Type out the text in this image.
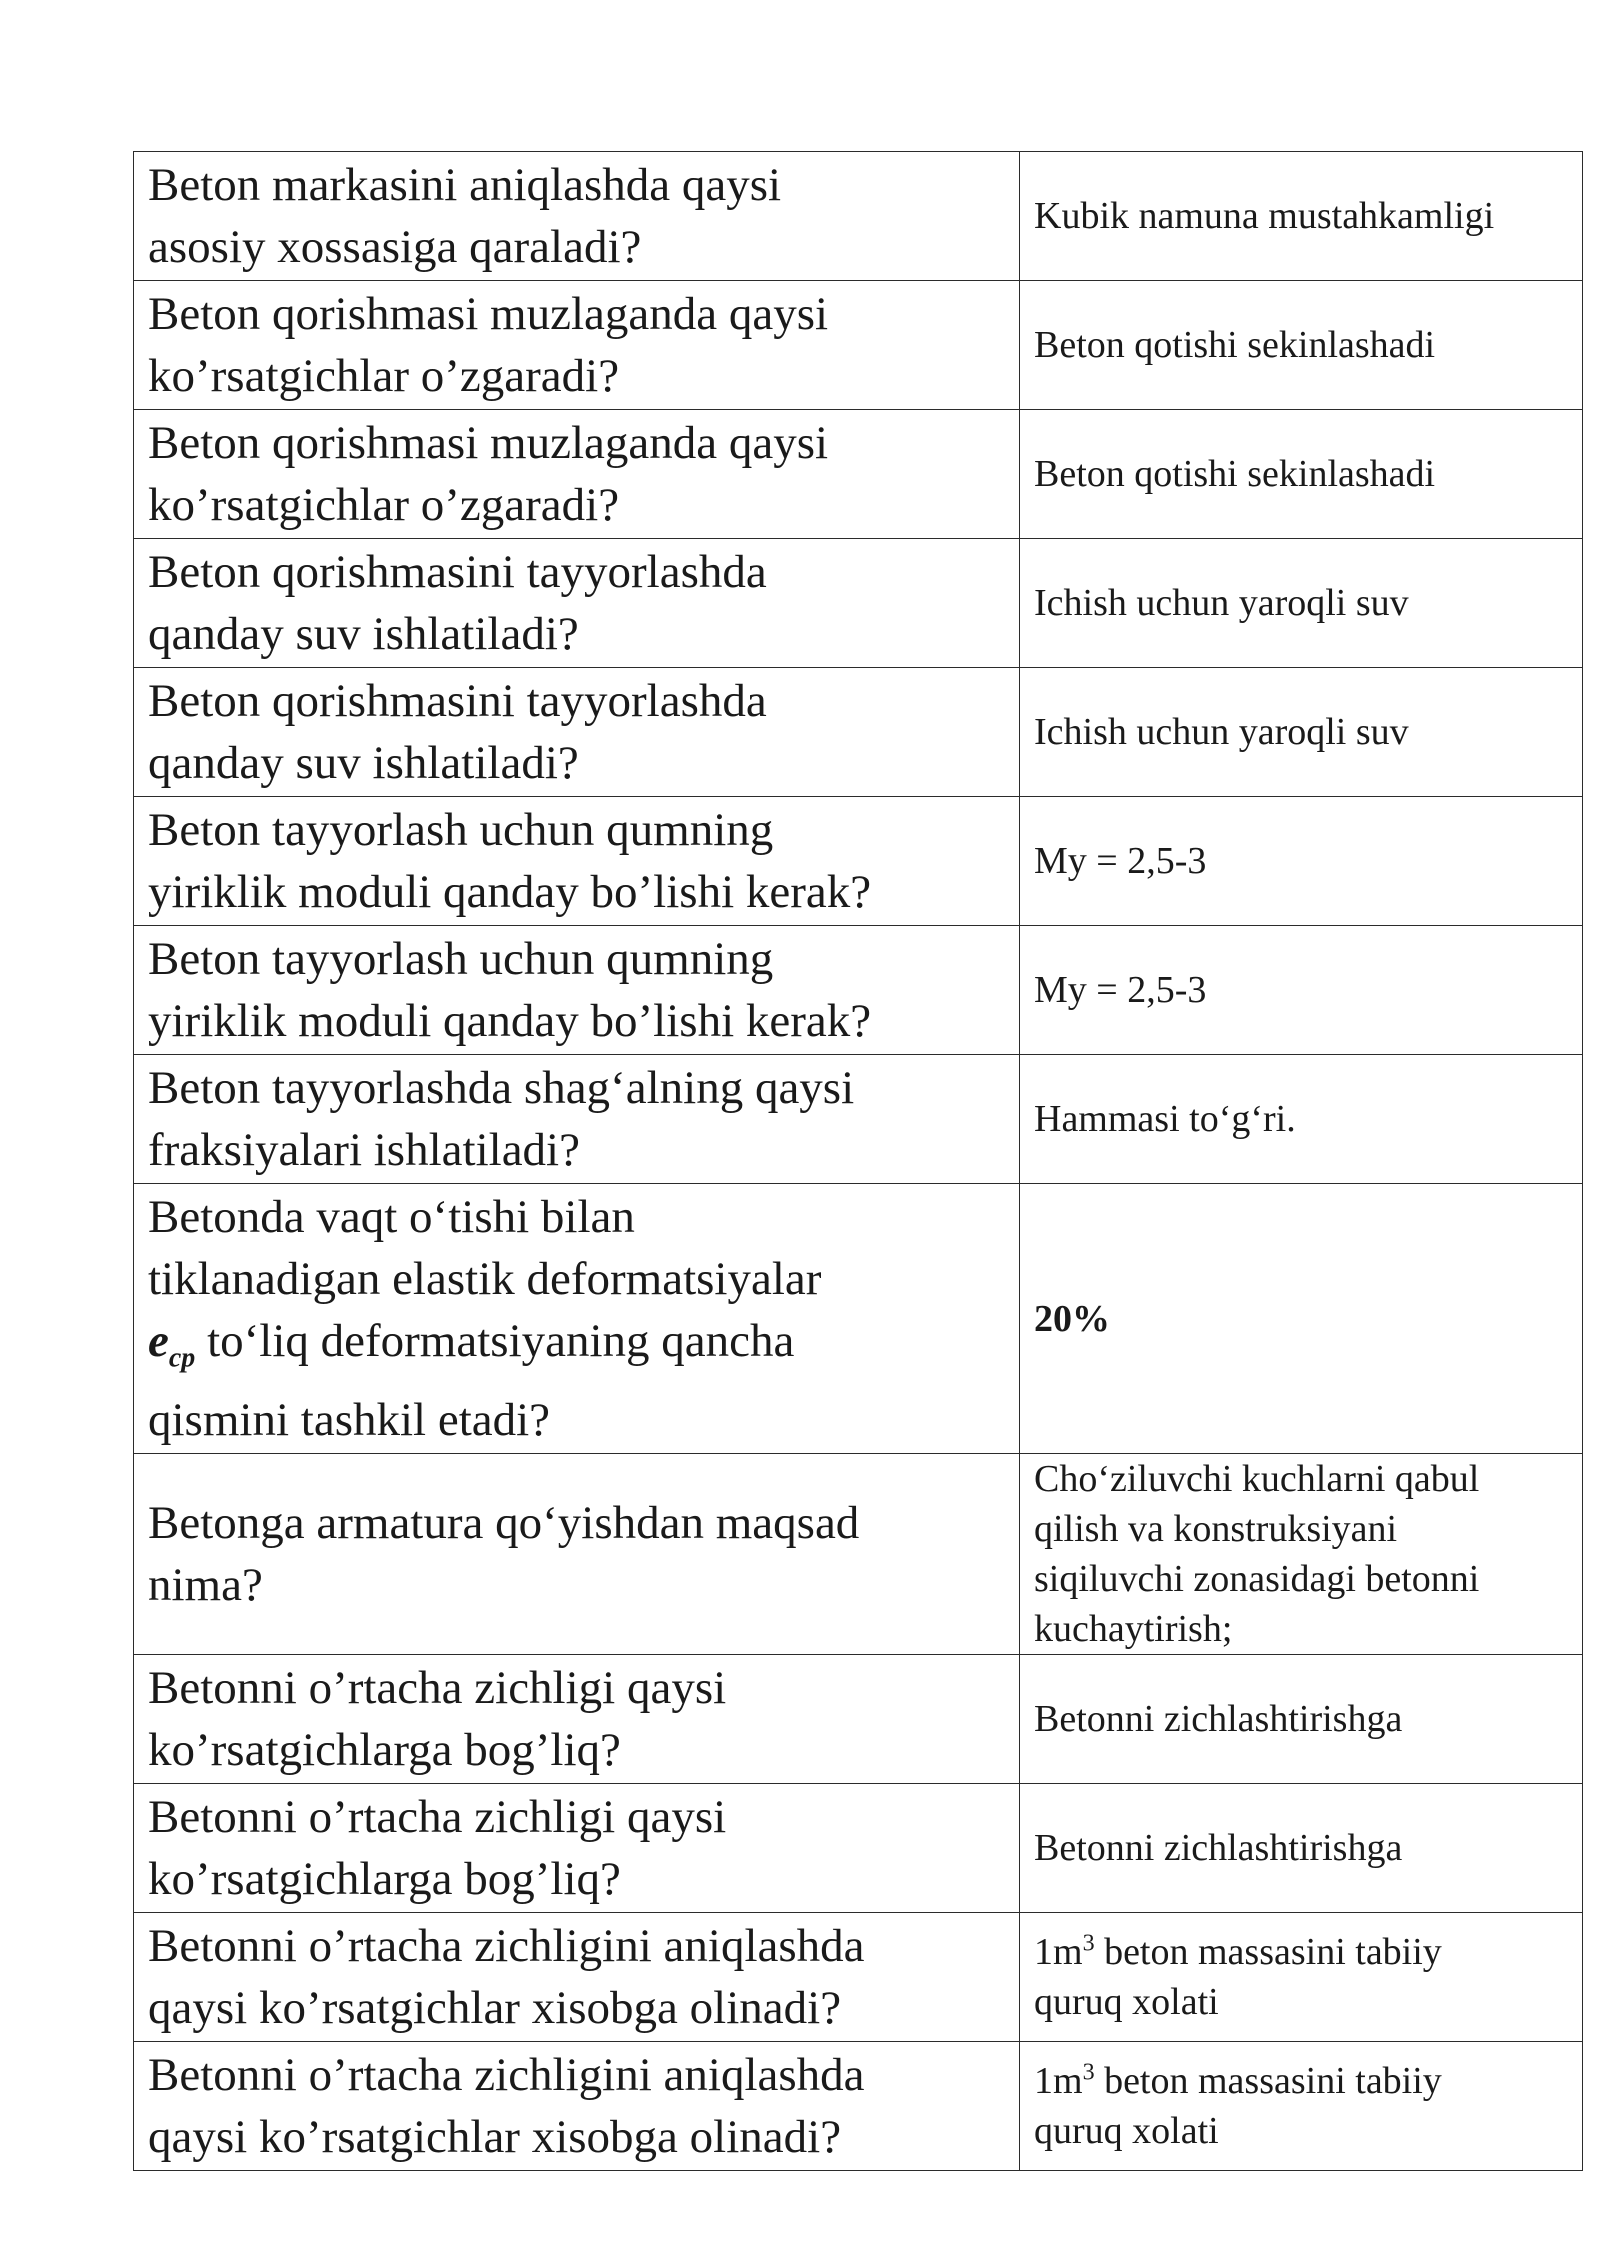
Beton markasini aniqlashda qaysi
asosiy xossasiga qaraladi?	Kubik namuna mustahkamligi
Beton qorishmasi muzlaganda qaysi
ko’rsatgichlar o’zgaradi?	Beton qotishi sekinlashadi
Beton qorishmasi muzlaganda qaysi
ko’rsatgichlar o’zgaradi?	Beton qotishi sekinlashadi
Beton qorishmasini tayyorlashda
qanday suv ishlatiladi?	Ichish uchun yaroqli suv
Beton qorishmasini tayyorlashda
qanday suv ishlatiladi?	Ichish uchun yaroqli suv
Beton tayyorlash uchun qumning
yiriklik moduli qanday bo’lishi kerak?	My = 2,5-3
Beton tayyorlash uchun qumning
yiriklik moduli qanday bo’lishi kerak?	My = 2,5-3
Beton tayyorlashda shag‘alning qaysi
fraksiyalari ishlatiladi?	Hammasi to‘g‘ri.
Betonda vaqt o‘tishi bilan
tiklanadigan elastik deformatsiyalar
$e_{cp}$ to‘liq deformatsiyaning qancha
qismini tashkil etadi?	20%
Betonga armatura qo‘yishdan maqsad
nima?	Cho‘ziluvchi kuchlarni qabul
qilish va konstruksiyani
siqiluvchi zonasidagi betonni
kuchaytirish;
Betonni o’rtacha zichligi qaysi
ko’rsatgichlarga bog’liq?	Betonni zichlashtirishga
Betonni o’rtacha zichligi qaysi
ko’rsatgichlarga bog’liq?	Betonni zichlashtirishga
Betonni o’rtacha zichligini aniqlashda
qaysi ko’rsatgichlar xisobga olinadi?	$1m^3$ beton massasini tabiiy
quruq xolati
Betonni o’rtacha zichligini aniqlashda
qaysi ko’rsatgichlar xisobga olinadi?	$1m^3$ beton massasini tabiiy
quruq xolati
